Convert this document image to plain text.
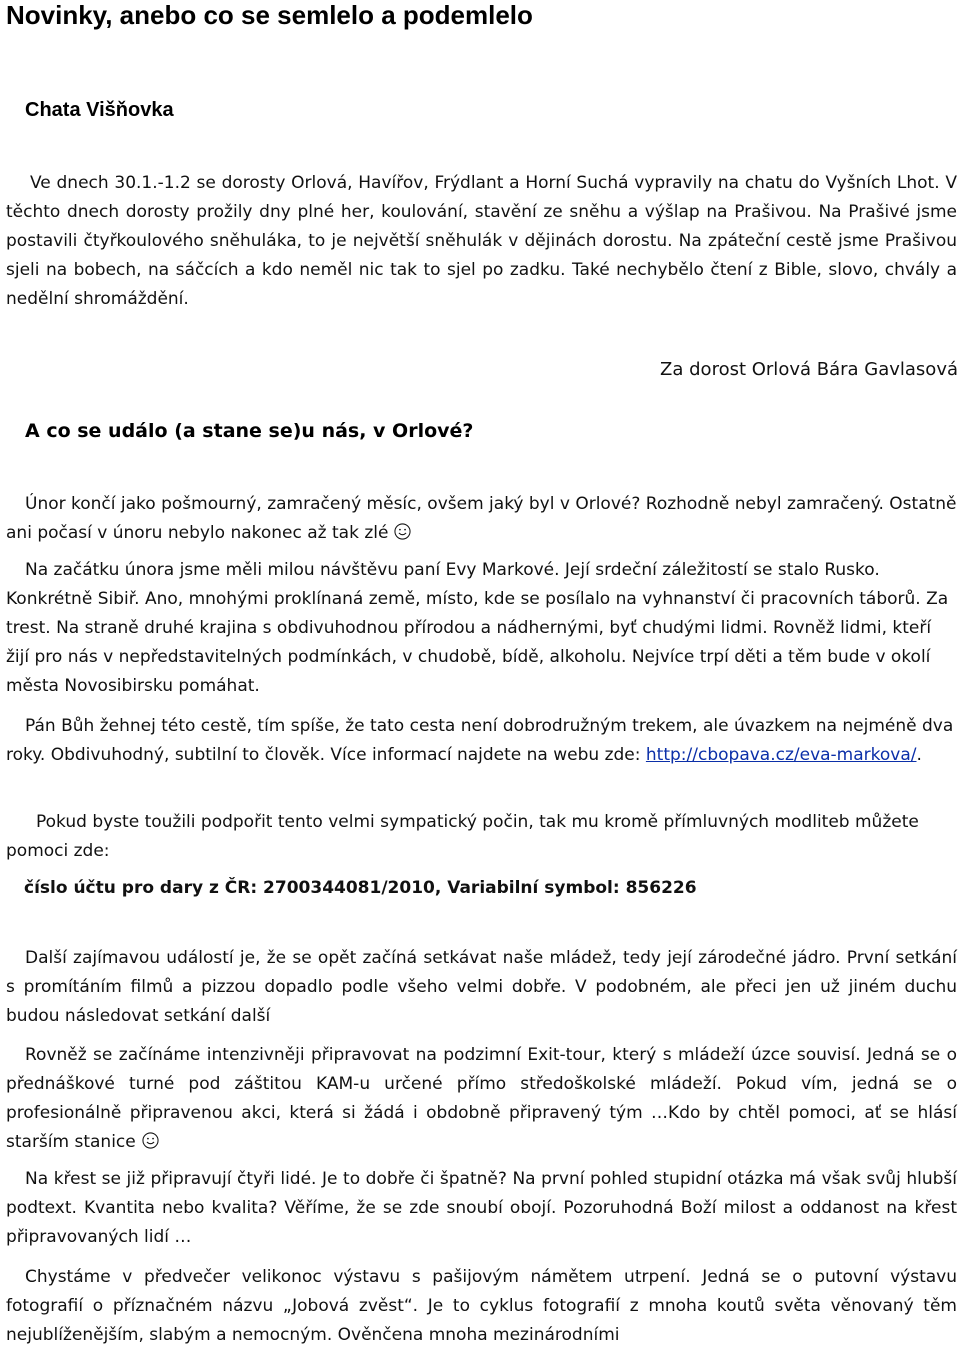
Novinky, anebo co se semlelo a podemlelo
Chata Višňovka

Ve dnech 30.1.-1.2 se dorosty Orlová, Havířov, Frýdlant a Horní Suchá vypravily na chatu do Vyšních Lhot. V těchto dnech dorosty prožily dny plné her, koulování, stavění ze sněhu a výšlap na Prašivou. Na Prašivé jsme postavili čtyřkoulového sněhuláka, to je největší sněhulák v dějinách dorostu. Na zpáteční cestě jsme Prašivou sjeli na bobech, na sáčcích a kdo neměl nic tak to sjel po zadku. Také nechybělo čtení z Bible, slovo, chvály a nedělní shromáždění.

Za dorost Orlová Bára Gavlasová
A co se událo (a stane se)u nás, v Orlové?

Únor končí jako pošmourný, zamračený měsíc, ovšem jaký byl v Orlové? Rozhodně nebyl zamračený. Ostatně ani počasí v únoru nebylo nakonec až tak zlé

Na začátku února jsme měli milou návštěvu paní Evy Markové. Její srdeční záležitostí se stalo Rusko. Konkrétně Sibiř. Ano, mnohými proklínaná země, místo, kde se posílalo na vyhnanství či pracovních táborů. Za trest. Na straně druhé krajina s obdivuhodnou přírodou a nádhernými, byť chudými lidmi. Rovněž lidmi, kteří žijí pro nás v nepředstavitelných podmínkách, v chudobě, bídě, alkoholu. Nejvíce trpí děti a těm bude v okolí města Novosibirsku pomáhat.

Pán Bůh žehnej této cestě, tím spíše, že tato cesta není dobrodružným trekem, ale úvazkem na nejméně dva roky. Obdivuhodný, subtilní to člověk. Více informací najdete na webu zde: http://cbopava.cz/eva-markova/.

Pokud byste toužili podpořit tento velmi sympatický počin, tak mu kromě přímluvných modliteb můžete pomoci zde:

číslo účtu pro dary z ČR: 2700344081/2010, Variabilní symbol: 856226

Další zajímavou událostí je, že se opět začíná setkávat naše mládež, tedy její zárodečné jádro. První setkání s promítáním filmů a pizzou dopadlo podle všeho velmi dobře. V podobném, ale přeci jen už jiném duchu budou následovat setkání další

Rovněž se začínáme intenzivněji připravovat na podzimní Exit-tour, který s mládeží úzce souvisí. Jedná se o přednáškové turné pod záštitou KAM-u určené přímo středoškolské mládeží. Pokud vím, jedná se o profesionálně připravenou akci, která si žádá i obdobně připravený tým …Kdo by chtěl pomoci, ať se hlásí starším stanice

Na křest se již připravují čtyři lidé. Je to dobře či špatně? Na první pohled stupidní otázka má však svůj hlubší podtext. Kvantita nebo kvalita? Věříme, že se zde snoubí obojí. Pozoruhodná Boží milost a oddanost na křest připravovaných lidí …

Chystáme v předvečer velikonoc výstavu s pašijovým námětem utrpení. Jedná se o putovní výstavu fotografií o příznačném názvu „Jobová zvěst“. Je to cyklus fotografií z mnoha koutů světa věnovaný těm nejublíženějším, slabým a nemocným. Ověnčena mnoha mezinárodními
